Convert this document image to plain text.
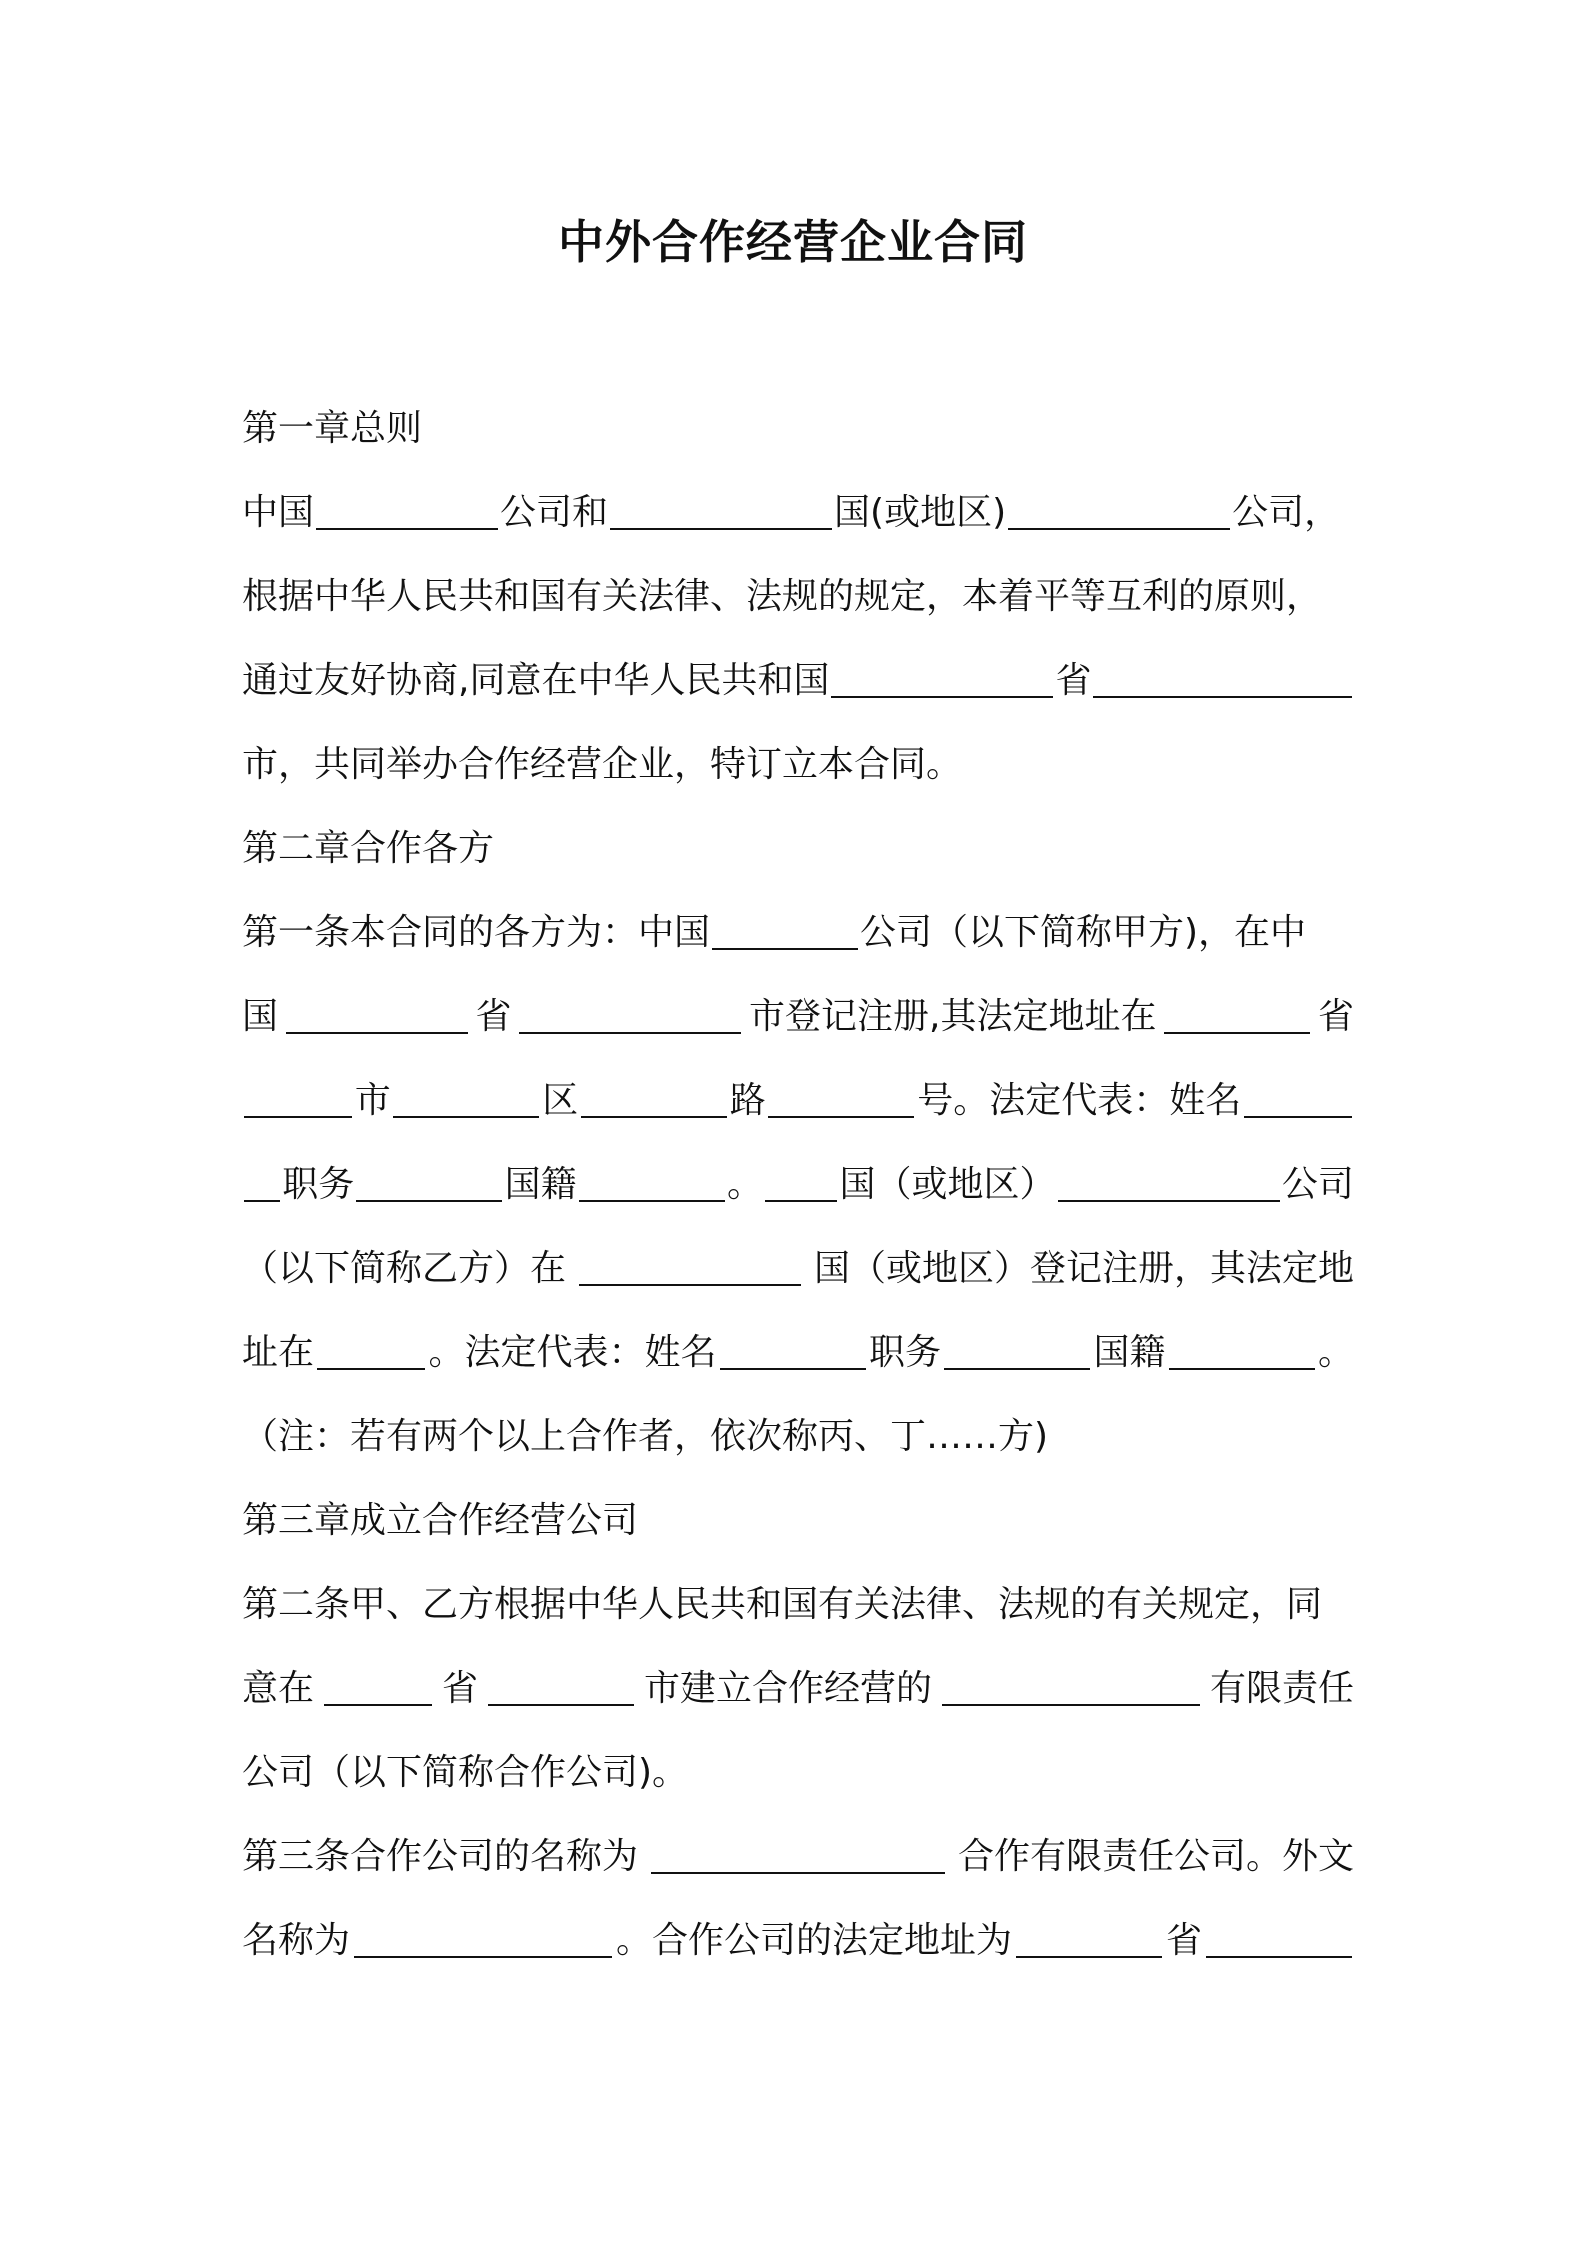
中外合作经营企业合同
第一章总则
中国	公司和	国(或地区)	公司，
根据中华人民共和国有关法律、法规的规定，本着平等互利的原则，
通过友好协商,同意在中华人民共和国	省
市，共同举办合作经营企业，特订立本合同。
第二章合作各方
第一条本合同的各方为：中国	公司（以下简称甲方)，在中
国	省	市登记注册,其法定地址在	省
市	区	路	号。法定代表：姓名
职务	国籍	。 国（或地区）	公司
（以下简称乙方）在	国（或地区）登记注册，其法定地
址在	。法定代表：姓名	职务	国籍	。
（注：若有两个以上合作者，依次称丙、丁……方)
第三章成立合作经营公司
第二条甲、乙方根据中华人民共和国有关法律、法规的有关规定，同
意在	省	市建立合作经营的	有限责任
公司（以下简称合作公司)。
第三条合作公司的名称为	合作有限责任公司。外文
名称为	。合作公司的法定地址为	省
